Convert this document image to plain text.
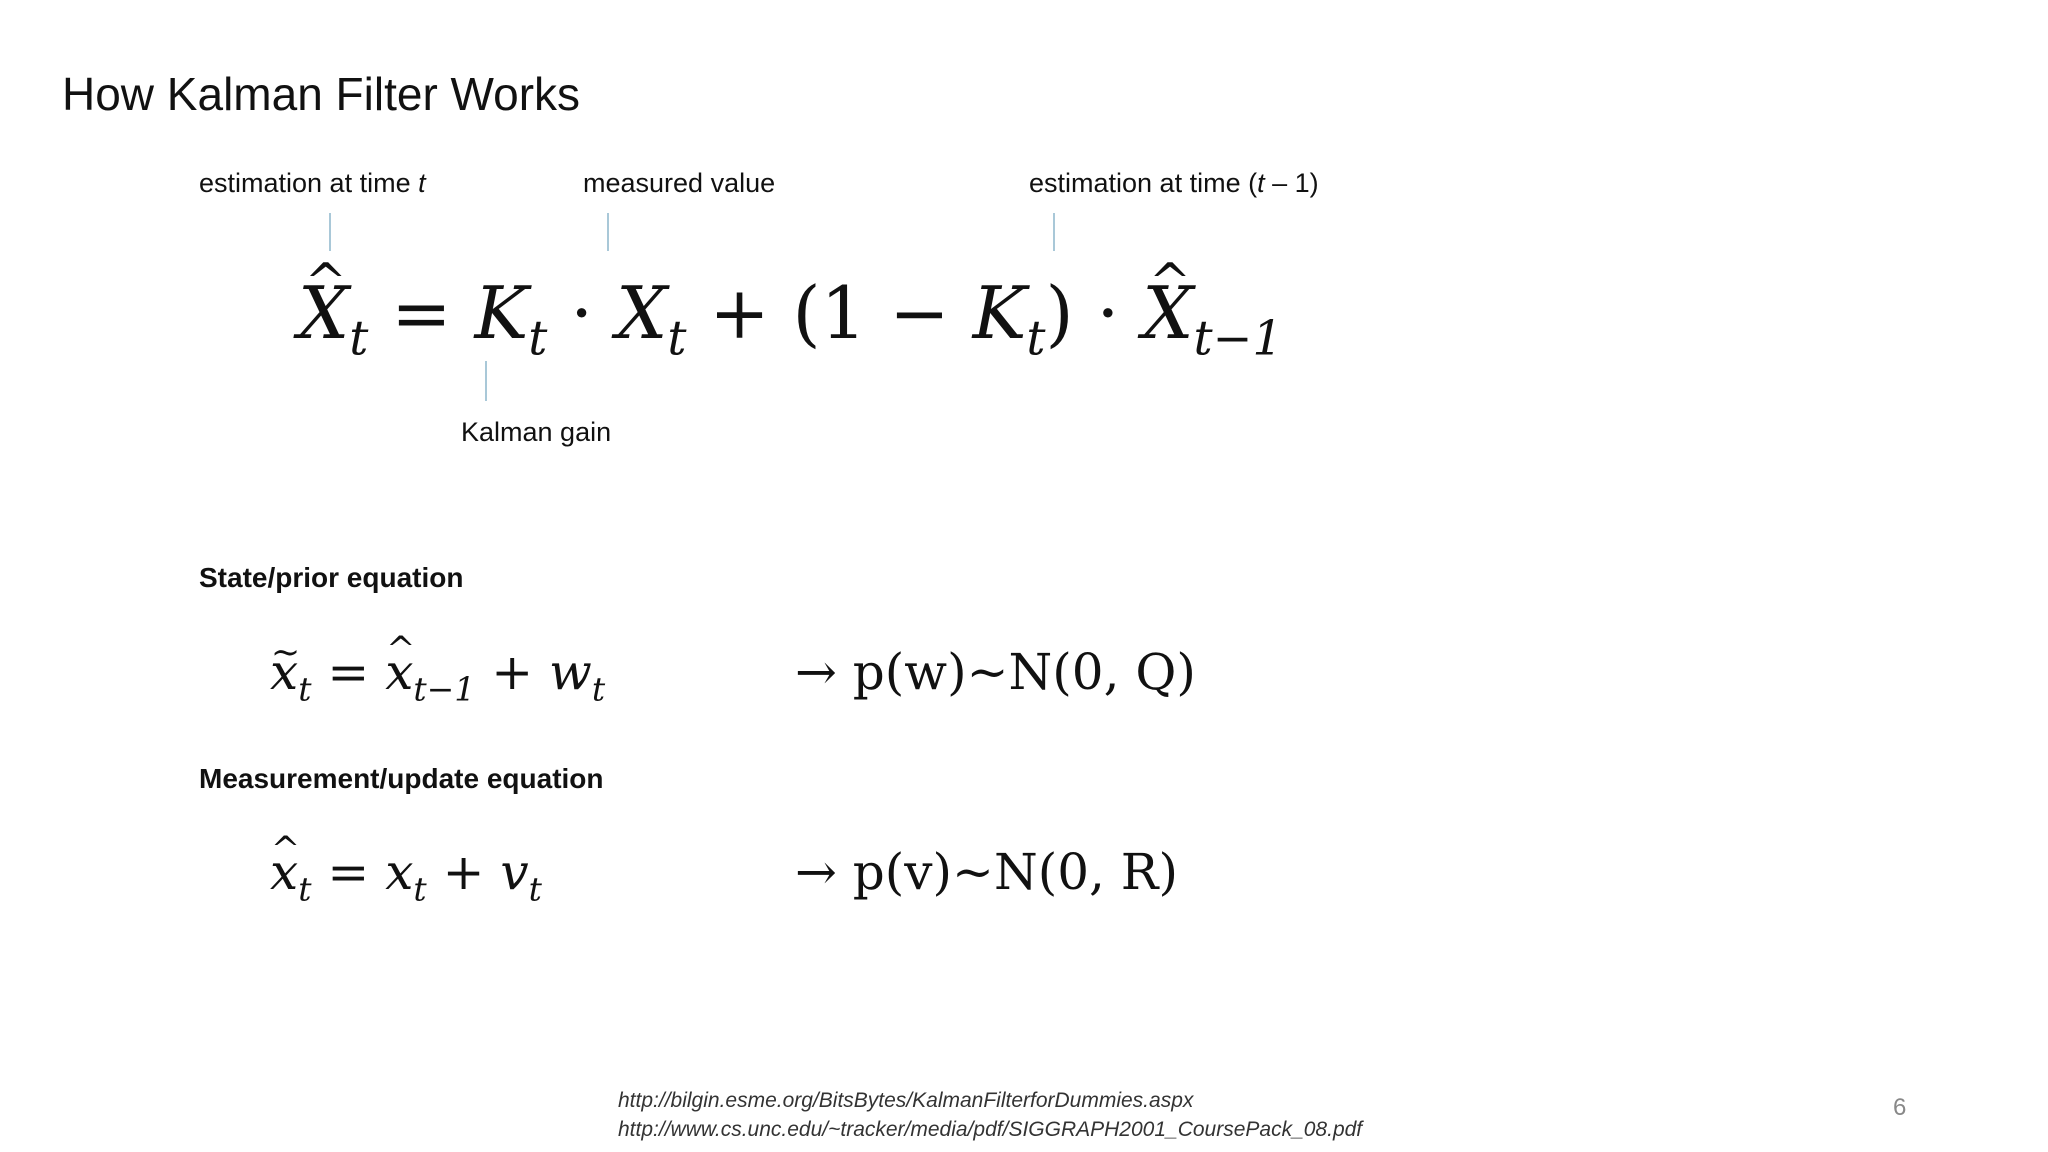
How Kalman Filter Works
estimation at time t	measured value	estimation at time (t – 1)
^ $X_t = K_t \cdot X_t + (1 - K_t)$ · ^ $X_{t-1}$
Kalman gain
State/prior equation
~ $x_t$ = ^ $x_{t-1} + w_t$	→ p(w)~N(0, Q)
Measurement/update equation
^ $x_t = x_t + v_t$	→ p(v)~N(0, R)
http://bilgin.esme.org/BitsBytes/KalmanFilterforDummies.aspx
http://www.cs.unc.edu/~tracker/media/pdf/SIGGRAPH2001_CoursePack_08.pdf
6
